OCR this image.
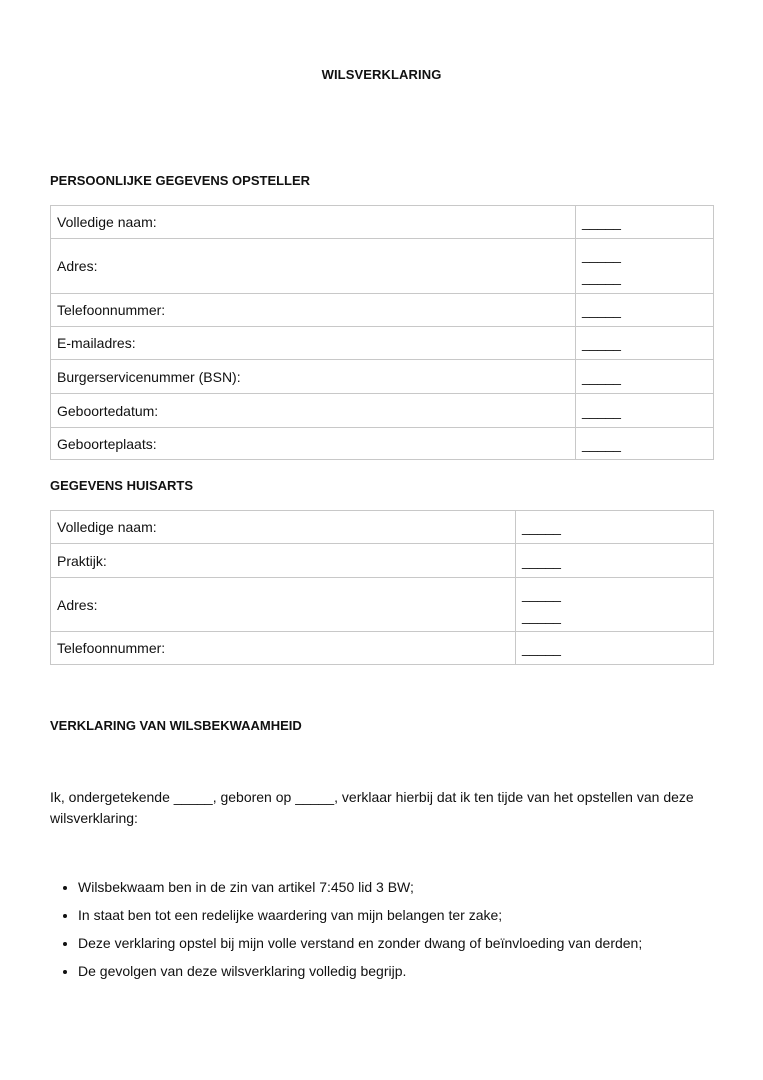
WILSVERKLARING
PERSOONLIJKE GEGEVENS OPSTELLER
Volledige naam:	_____
Adres:	_____
_____
Telefoonnummer:	_____
E-mailadres:	_____
Burgerservicenummer (BSN):	_____
Geboortedatum:	_____
Geboorteplaats:	_____
GEGEVENS HUISARTS
Volledige naam:	_____
Praktijk:	_____
Adres:	_____
_____
Telefoonnummer:	_____
VERKLARING VAN WILSBEKWAAMHEID
Ik, ondergetekende _____, geboren op _____, verklaar hierbij dat ik ten tijde van het opstellen van deze wilsverklaring:
• Wilsbekwaam ben in de zin van artikel 7:450 lid 3 BW;
• In staat ben tot een redelijke waardering van mijn belangen ter zake;
• Deze verklaring opstel bij mijn volle verstand en zonder dwang of beïnvloeding van derden;
• De gevolgen van deze wilsverklaring volledig begrijp.
